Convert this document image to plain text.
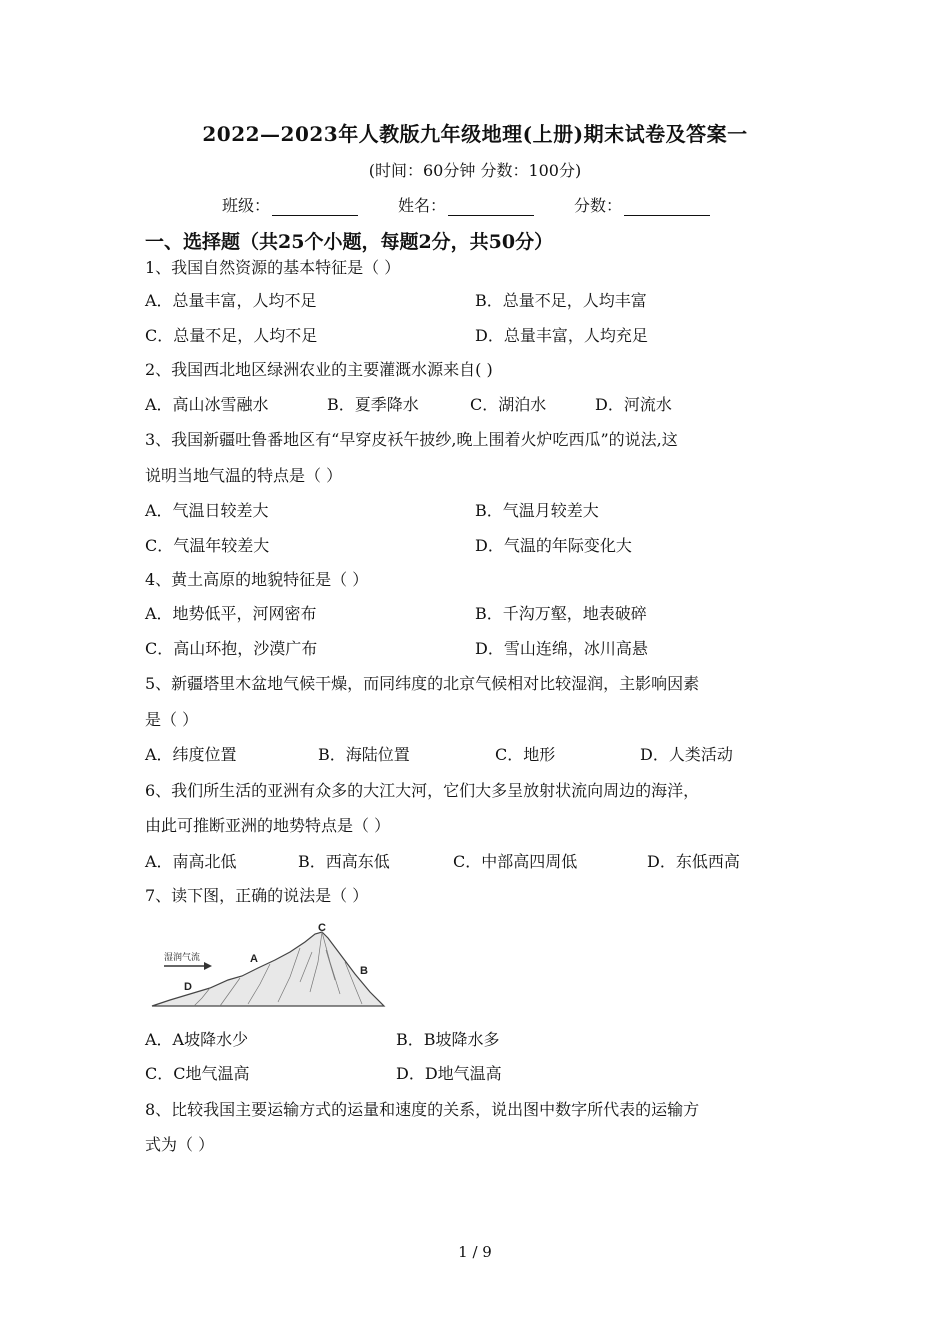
2022—2023年人教版九年级地理(上册)期末试卷及答案一
(时间：60分钟 分数：100分)
班级：	姓名：	分数：
一、选择题（共25个小题，每题2分，共50分）
1、我国自然资源的基本特征是（ ）
A．总量丰富，人均不足	B．总量不足，人均丰富
C．总量不足，人均不足	D．总量丰富，人均充足
2、我国西北地区绿洲农业的主要灌溉水源来自( )
A．高山冰雪融水	B．夏季降水	C．湖泊水	D．河流水
3、我国新疆吐鲁番地区有“早穿皮袄午披纱,晚上围着火炉吃西瓜”的说法,这
说明当地气温的特点是（ ）
A．气温日较差大	B．气温月较差大
C．气温年较差大	D．气温的年际变化大
4、黄土高原的地貌特征是（ ）
A．地势低平，河网密布	B．千沟万壑，地表破碎
C．高山环抱，沙漠广布	D．雪山连绵，冰川高悬
5、新疆塔里木盆地气候干燥，而同纬度的北京气候相对比较湿润，主影响因素
是（ ）
A．纬度位置	B．海陆位置	C．地形	D．人类活动
6、我们所生活的亚洲有众多的大江大河，它们大多呈放射状流向周边的海洋，
由此可推断亚洲的地势特点是（ ）
A．南高北低	B．西高东低	C．中部高四周低	D．东低西高
7、读下图，正确的说法是（ ）
湿润气流	A
B
C
D
A．A坡降水少	B．B坡降水多
C．C地气温高	D．D地气温高
8、比较我国主要运输方式的运量和速度的关系，说出图中数字所代表的运输方
式为（ ）
1 / 9
